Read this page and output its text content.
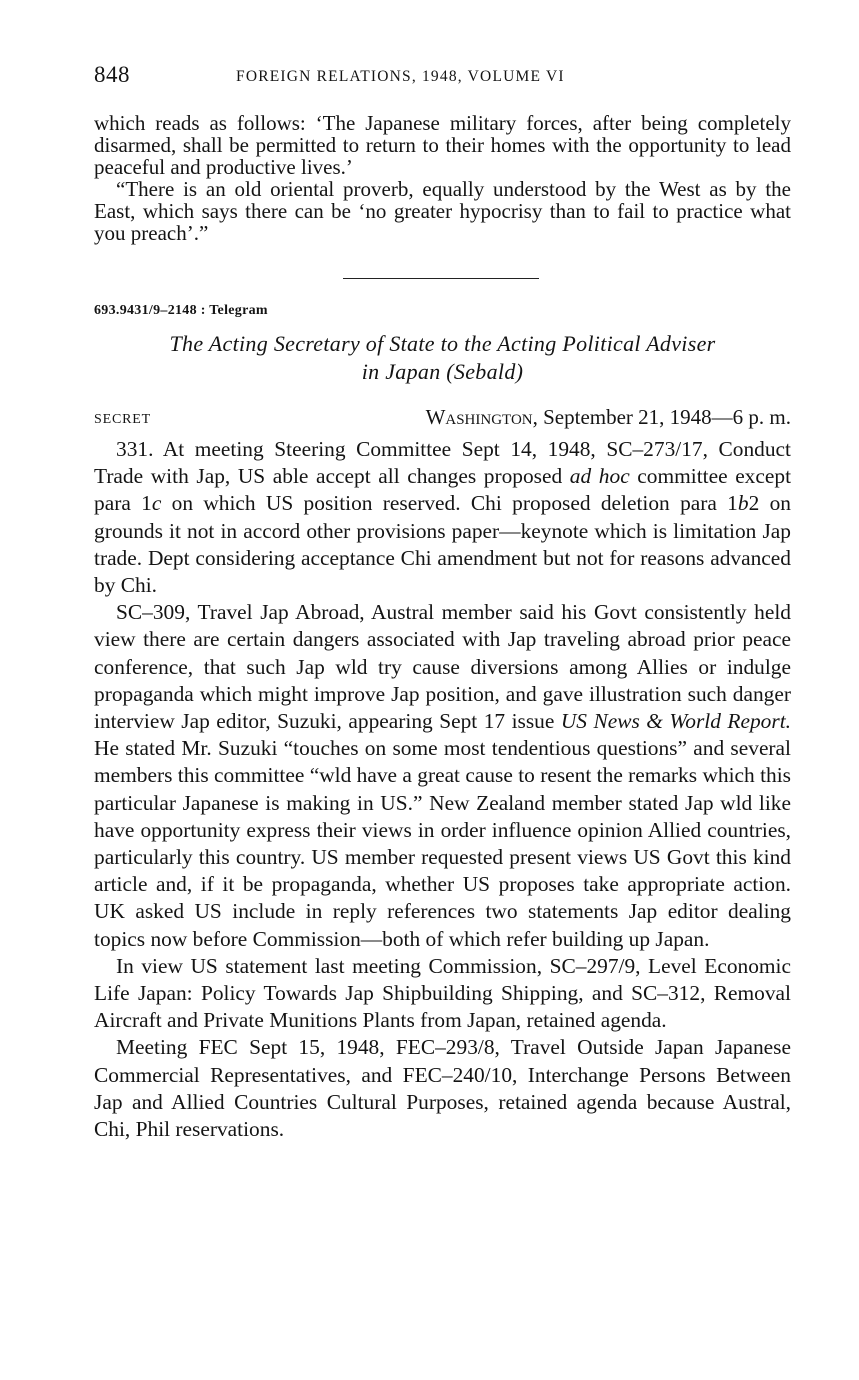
848	FOREIGN RELATIONS, 1948, VOLUME VI

which reads as follows: ‘The Japanese military forces, after being completely disarmed, shall be permitted to return to their homes with the opportunity to lead peaceful and productive lives.’

“There is an old oriental proverb, equally understood by the West as by the East, which says there can be ‘no greater hypocrisy than to fail to practice what you preach’.”

693.9431/9–2148 : Telegram
The Acting Secretary of State to the Acting Political Adviser
in Japan (Sebald)
SECRET	Washington, September 21, 1948—6 p. m.

331. At meeting Steering Committee Sept 14, 1948, SC–273/17, Conduct Trade with Jap, US able accept all changes proposed ad hoc committee except para 1c on which US position reserved. Chi proposed deletion para 1b2 on grounds it not in accord other provisions paper—keynote which is limitation Jap trade. Dept considering acceptance Chi amendment but not for reasons advanced by Chi.

SC–309, Travel Jap Abroad, Austral member said his Govt consistently held view there are certain dangers associated with Jap traveling abroad prior peace conference, that such Jap wld try cause diversions among Allies or indulge propaganda which might improve Jap position, and gave illustration such danger interview Jap editor, Suzuki, appearing Sept 17 issue US News & World Report. He stated Mr. Suzuki “touches on some most tendentious questions” and several members this committee “wld have a great cause to resent the remarks which this particular Japanese is making in US.” New Zealand member stated Jap wld like have opportunity express their views in order influence opinion Allied countries, particularly this country. US member requested present views US Govt this kind article and, if it be propaganda, whether US proposes take appropriate action. UK asked US include in reply references two statements Jap editor dealing topics now before Commission—both of which refer building up Japan.

In view US statement last meeting Commission, SC–297/9, Level Economic Life Japan: Policy Towards Jap Shipbuilding Shipping, and SC–312, Removal Aircraft and Private Munitions Plants from Japan, retained agenda.

Meeting FEC Sept 15, 1948, FEC–293/8, Travel Outside Japan Japanese Commercial Representatives, and FEC–240/10, Interchange Persons Between Jap and Allied Countries Cultural Purposes, retained agenda because Austral, Chi, Phil reservations.
